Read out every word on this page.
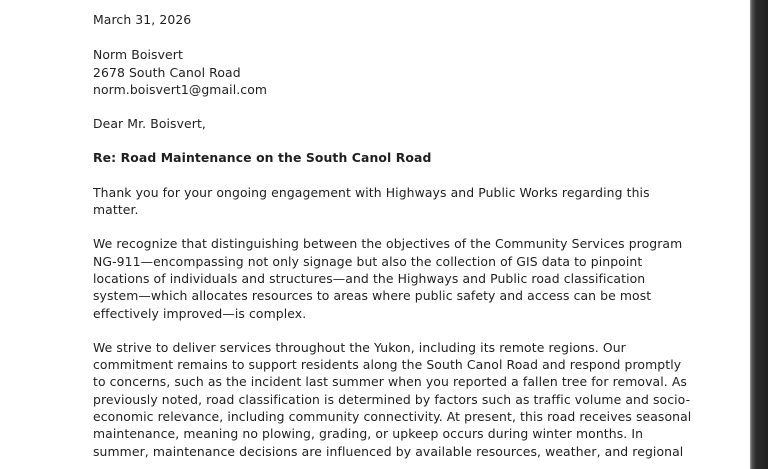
March 31, 2026
Norm Boisvert
2678 South Canol Road
norm.boisvert1@gmail.com
Dear Mr. Boisvert,
Re: Road Maintenance on the South Canol Road
Thank you for your ongoing engagement with Highways and Public Works regarding this
matter.
We recognize that distinguishing between the objectives of the Community Services program
NG-911—encompassing not only signage but also the collection of GIS data to pinpoint
locations of individuals and structures—and the Highways and Public road classification
system—which allocates resources to areas where public safety and access can be most
effectively improved—is complex.
We strive to deliver services throughout the Yukon, including its remote regions. Our
commitment remains to support residents along the South Canol Road and respond promptly
to concerns, such as the incident last summer when you reported a fallen tree for removal. As
previously noted, road classification is determined by factors such as traffic volume and socio-
economic relevance, including community connectivity. At present, this road receives seasonal
maintenance, meaning no plowing, grading, or upkeep occurs during winter months. In
summer, maintenance decisions are influenced by available resources, weather, and regional
